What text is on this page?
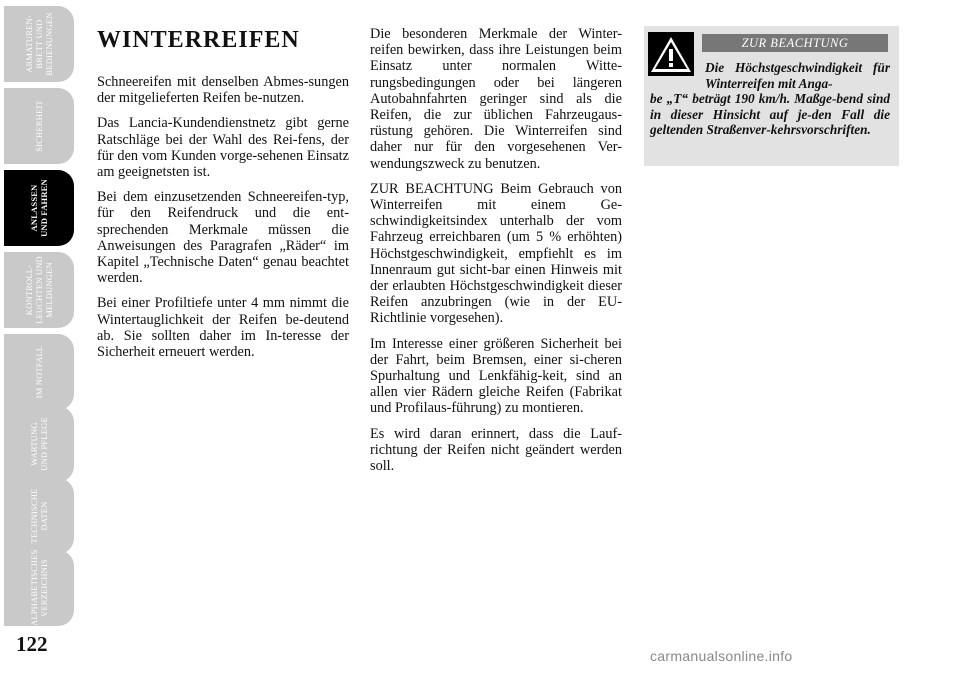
ARMATUREN-
BRETT UND
BEDIENUNGEN
SICHERHEIT
ANLASSEN
UND FAHREN
KONTROLL-
LEUCHTEN UND
MELDUNGEN
IM NOTFALL
WARTUNG
UND PFLEGE
TECHNISCHE
DATEN
ALPHABETISCHES
VERZEICHNIS
122
WINTERREIFEN

Schneereifen mit denselben Abmes-sungen der mitgelieferten Reifen be-nutzen.

Das Lancia-Kundendienstnetz gibt gerne Ratschläge bei der Wahl des Rei-fens, der für den vom Kunden vorge-sehenen Einsatz am geeignetsten ist.

Bei dem einzusetzenden Schneereifen-typ, für den Reifendruck und die ent-sprechenden Merkmale müssen die Anweisungen des Paragrafen „Räder“ im Kapitel „Technische Daten“ genau beachtet werden.

Bei einer Profiltiefe unter 4 mm nimmt die Wintertauglichkeit der Reifen be-deutend ab. Sie sollten daher im In-teresse der Sicherheit erneuert werden.

Die besonderen Merkmale der Winter-reifen bewirken, dass ihre Leistungen beim Einsatz unter normalen Witte-rungsbedingungen oder bei längeren Autobahnfahrten geringer sind als die Reifen, die zur üblichen Fahrzeugaus-rüstung gehören. Die Winterreifen sind daher nur für den vorgesehenen Ver-wendungszweck zu benutzen.

ZUR BEACHTUNG Beim Gebrauch von Winterreifen mit einem Ge-schwindigkeitsindex unterhalb der vom Fahrzeug erreichbaren (um 5 % erhöhten) Höchstgeschwindigkeit, empfiehlt es im Innenraum gut sicht-bar einen Hinweis mit der erlaubten Höchstgeschwindigkeit dieser Reifen anzubringen (wie in der EU-Richtlinie vorgesehen).

Im Interesse einer größeren Sicherheit bei der Fahrt, beim Bremsen, einer si-cheren Spurhaltung und Lenkfähig-keit, sind an allen vier Rädern gleiche Reifen (Fabrikat und Profilaus-führung) zu montieren.

Es wird daran erinnert, dass die Lauf-richtung der Reifen nicht geändert werden soll.

ZUR BEACHTUNG
Die Höchstgeschwindigkeit für Winterreifen mit Anga-
be „T“ beträgt 190 km/h. Maßge-bend sind in dieser Hinsicht auf je-den Fall die geltenden Straßenver-kehrsvorschriften.
carmanualsonline.info
